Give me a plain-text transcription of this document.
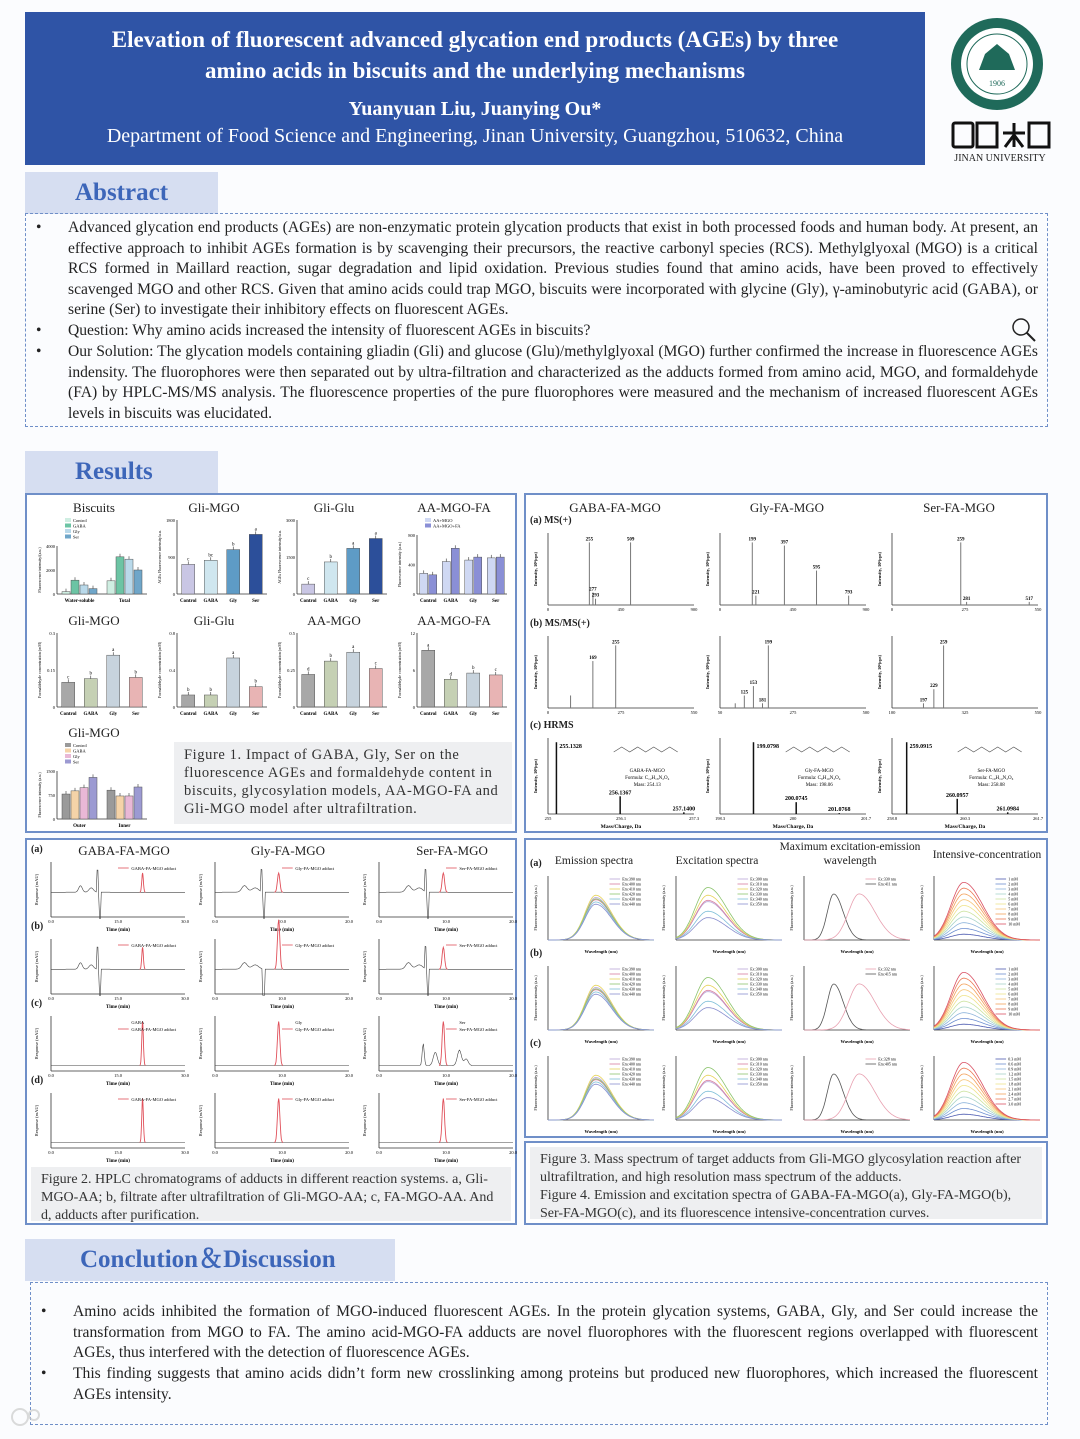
Elevation of fluorescent advanced glycation end products (AGEs) by three
amino acids in biscuits and the underlying mechanisms
Yuanyuan Liu, Juanying Ou*
Department of Food Science and Engineering, Jinan University, Guangzhou, 510632, China
1906
JINAN UNIVERSITY
Abstract
• Advanced glycation end products (AGEs) are non-enzymatic protein glycation products that exist in both processed foods and human body. At present, an effective approach to inhibit AGEs formation is by scavenging their precursors, the reactive carbonyl species (RCS). Methylglyoxal (MGO) is a critical RCS formed in Maillard reaction, sugar degradation and lipid oxidation. Previous studies found that amino acids, have been proved to effectively scavenged MGO and other RCS. Given that amino acids could trap MGO, biscuits were incorporated with glycine (Gly), γ-aminobutyric acid (GABA), or serine (Ser) to investigate their inhibitory effects on fluorescent AGEs.
• Question: Why amino acids increased the intensity of fluorescent AGEs in biscuits?
• Our Solution: The glycation models containing gliadin (Gli) and glucose (Glu)/methylglyoxal (MGO) further confirmed the increase in fluorescence AGEs indensity. The fluorophores were then separated out by ultra-filtration and characterized as the adducts formed from amino acid, MGO, and formaldehyde (FA) by HPLC-MS/MS analysis. The fluorescence properties of the pure fluorophores were measured and the mechanism of increased fluorescent AGEs levels in biscuits was elucidated.
Results
Figure 1. Impact of GABA, Gly, Ser on the fluorescence AGEs and formaldehyde content in biscuits, glycosylation models, AA-MGO-FA and Gli-MGO model after ultrafiltration.
Biscuits
Fluorescence intensity/(a.u.)
0
2000
4000
Water-soluble	Total
Control
GABA
Gly
Ser
Gli-MGO
AGEs Fluorescence intensity/a.u.
0
900
1800
c
Control
bc
GABA
b
Gly
a
Ser
Gli-Glu
AGEs Fluorescence intensity/a.u.
0
1500
3000
c
Control
b
GABA
a
Gly
a
Ser
AA-MGO-FA
Fluorescence intensity (a.u.)
0
400
800
Control GABA Gly	Ser
AA+MGO
AA+MGO+FA
Gli-MGO
Formaldehyde concentration (mM)
0
0.15
0.3
c
Control
b
GABA
a
Gly
b
Ser
Gli-Glu
Formaldehyde concentration (mM)
0
0.4
0.8
b
Control
b
GABA
a
Gly
b
Ser
AA-MGO
Formaldehyde concentration (mM)
0
0.25
0.5
d
Control
b
GABA
a
Gly
c
Ser
AA-MGO-FA
Formaldehyde concentration (mM)
0
6
12
a
Control
d
GABA
b
Gly
c
Ser
Gli-MGO
Fluorescence intensity (a.u.)
0
750
1500
Outer	Inner
Control
GABA
Gly
Ser
GABA-FA-MGO	Gly-FA-MGO	Ser-FA-MGO
(a) MS(+)
(b) MS/MS(+)
(c) HRMS
Intensity, 10⁶(cps)
0	450	900
255	509
277
293
Intensity, 10⁶(cps)
0	450	900
199
397
595
793
221
Intensity, 10⁶(cps)
0	275	550
259
281	517
Intensity, 10⁶(cps)
0	275	550
255
169	Intensity, 10⁶(cps)
50	275	500
199
153
125
181
Intensity, 10⁶(cps)
100	325	550
259
229
197
Intensity, 10⁶(cps)
255	256.1	257.3
Mass/Charge, Da
GABA-FA-MGO
Formula: C₁₂H₁₈N₂O₄
Mass: 254.13
255.1328
256.1367
257.1400
Intensity, 10⁶(cps)
198.3	200	201.7
Mass/Charge, Da
Gly-FA-MGO
Formula: C₈H₁₀N₂O₄
Mass: 198.06
199.0798
200.0745
201.0768
Intensity, 10⁶(cps)
258.8	260.3	261.7
Mass/Charge, Da
Ser-FA-MGO
Formula: C₁₀H₁₄N₂O₆
Mass: 258.08
259.0915
260.0957
261.0984
Figure 2. HPLC chromatograms of adducts in different reaction systems. a, Gli-MGO-AA; b, filtrate after ultrafiltration of Gli-MGO-AA; c, FA-MGO-AA. And d, adducts after purification.
GABA-FA-MGO	Gly-FA-MGO	Ser-FA-MGO
(a)
(b)
(c)
(d)
Response (mAU)
Time (min)
0.0	15.0	30.0
GABA-FA-MGO adduct
Response (mAU)
Time (min)
0.0	10.0	20.0
Gly-FA-MGO adduct
Response (mAU)
Time (min)
0.0	10.0	20.0
Ser-FA-MGO adduct
Response (mAU)
Time (min)
0.0	15.0	30.0
GABA-FA-MGO adduct
Response (mAU)
Time (min)
0.0	10.0	20.0
Gly-FA-MGO adduct
Response (mAU)
Time (min)
0.0	10.0	20.0
Ser-FA-MGO adduct
Response (mAU)
Time (min)
0.0	15.0	30.0
GABA
GABA-FA-MGO adduct	Response (mAU)
Time (min)
0.0	10.0	20.0
Gly
Gly-FA-MGO adduct	Response (mAU)
Time (min)
0.0	10.0	20.0
Ser
Ser-FA-MGO adduct
Response (mAU)
Time (min)
0.0	15.0	30.0
GABA-FA-MGO adduct
Response (mAU)
Time (min)
0.0	10.0	20.0
Gly-FA-MGO adduct
Response (mAU)
Time (min)
0.0	10.0	20.0
Ser-FA-MGO adduct
Emission spectra	Excitation spectra
Maximum excitation-emission wavelength	Intensive-concentration
(a)
(b)
(c)
Fluorescence intensity (a.u.)
Wavelength (nm)
Em:390 nm
Em:400 nm
Em:410 nm
Em:420 nm
Em:430 nm
Em:440 nm	Fluorescence intensity (a.u.)
Wavelength (nm)
Ex:300 nm
Ex:310 nm
Ex:320 nm
Ex:330 nm
Ex:340 nm
Ex:350 nm	Fluorescence intensity (a.u.)
Wavelength (nm)
Ex:330 nm
Em:411 nm
Fluorescence intensity (a.u.)
Wavelength (nm)
1 mM
2 mM
3 mM
4 mM
5 mM
6 mM
7 mM
8 mM
9 mM
10 mM
Fluorescence intensity (a.u.)
Wavelength (nm)
Em:390 nm
Em:400 nm
Em:410 nm
Em:420 nm
Em:430 nm
Em:440 nm	Fluorescence intensity (a.u.)
Wavelength (nm)
Ex:300 nm
Ex:310 nm
Ex:320 nm
Ex:330 nm
Ex:340 nm
Ex:350 nm	Fluorescence intensity (a.u.)
Wavelength (nm)
Ex:332 nm
Em:415 nm
Fluorescence intensity (a.u.)
Wavelength (nm)
1 mM
2 mM
3 mM
4 mM
5 mM
6 mM
7 mM
8 mM
9 mM
10 mM
Fluorescence intensity (a.u.)
Wavelength (nm)
Em:390 nm
Em:400 nm
Em:410 nm
Em:420 nm
Em:430 nm
Em:440 nm	Fluorescence intensity (a.u.)
Wavelength (nm)
Ex:300 nm
Ex:310 nm
Ex:320 nm
Ex:330 nm
Ex:340 nm
Ex:350 nm	Fluorescence intensity (a.u.)
Wavelength (nm)
Ex:328 nm
Em:405 nm
Fluorescence intensity (a.u.)
Wavelength (nm)
0.3 mM
0.6 mM
0.9 mM
1.2 mM
1.5 mM
1.8 mM
2.1 mM
2.4 mM
2.7 mM
3.0 mM
Figure 3. Mass spectrum of target adducts from Gli-MGO glycosylation reaction after ultrafiltration, and high resolution mass spectrum of the adducts.
Figure 4. Emission and excitation spectra of GABA-FA-MGO(a), Gly-FA-MGO(b), Ser-FA-MGO(c), and its fluorescence intensive-concentration curves.
Conclution＆Discussion
• Amino acids inhibited the formation of MGO-induced fluorescent AGEs. In the protein glycation systems, GABA, Gly, and Ser could increase the transformation from MGO to FA. The amino acid-MGO-FA adducts are novel fluorophores with the fluorescent regions overlapped with fluorescent AGEs, thus interfered with the detection of fluorescence AGEs.
• This finding suggests that amino acids didn’t form new crosslinking among proteins but produced new fluorophores, which increased the fluorescent AGEs intensity.
